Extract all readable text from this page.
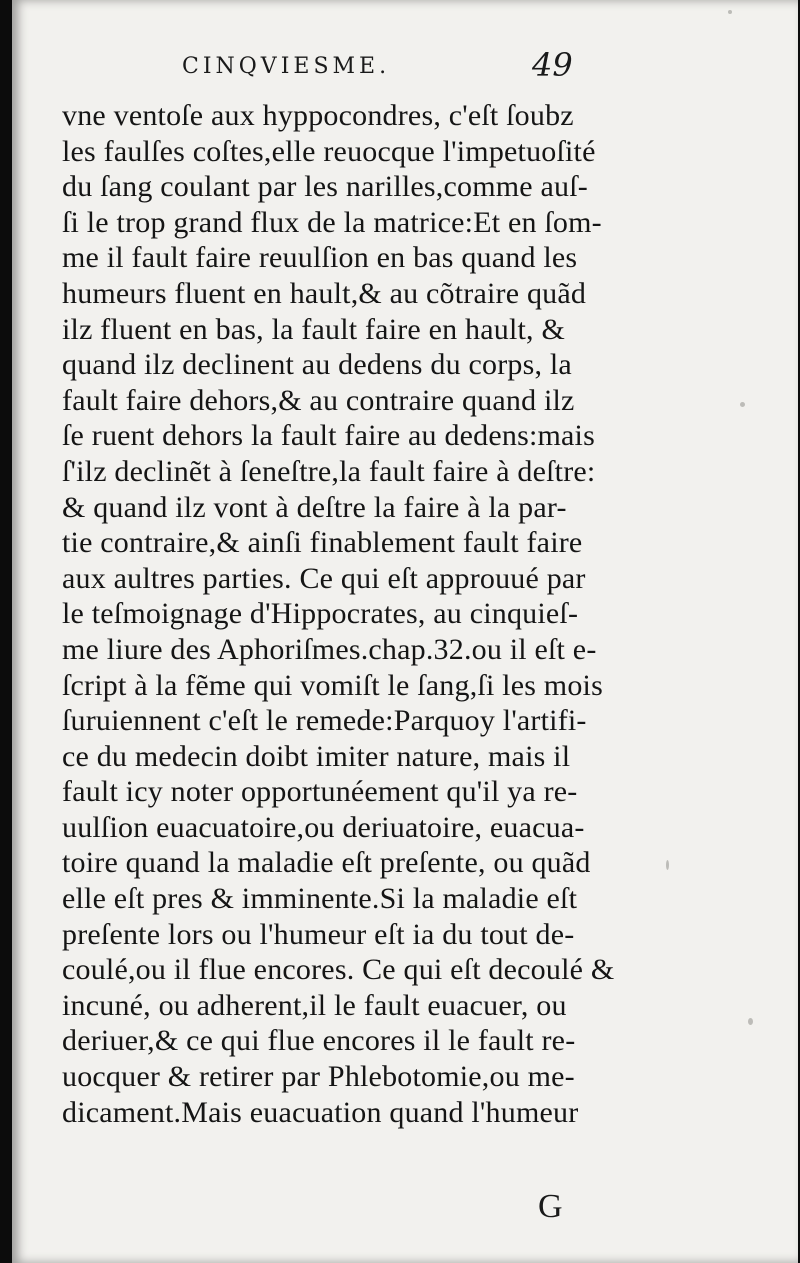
CINQVIESME.	49
vne ventoſe aux hyppocondres, c'eſt ſoubz
les faulſes coſtes,elle reuocque l'impetuoſité
du ſang coulant par les narilles,comme auſ-
ſi le trop grand flux de la matrice:Et en ſom-
me il fault faire reuulſion en bas quand les
humeurs fluent en hault,& au cõtraire quãd
ilz fluent en bas, la fault faire en hault, &
quand ilz declinent au dedens du corps, la
fault faire dehors,& au contraire quand ilz
ſe ruent dehors la fault faire au dedens:mais
ſ'ilz declinẽt à ſeneſtre,la fault faire à deſtre:
& quand ilz vont à deſtre la faire à la par-
tie contraire,& ainſi finablement fault faire
aux aultres parties. Ce qui eſt approuué par
le teſmoignage d'Hippocrates, au cinquieſ-
me liure des Aphoriſmes.chap.32.ou il eſt e-
ſcript à la fẽme qui vomiſt le ſang,ſi les mois
ſuruiennent c'eſt le remede:Parquoy l'artifi-
ce du medecin doibt imiter nature, mais il
fault icy noter opportunéement qu'il ya re-
uulſion euacuatoire,ou deriuatoire, euacua-
toire quand la maladie eſt preſente, ou quãd
elle eſt pres & imminente.Si la maladie eſt
preſente lors ou l'humeur eſt ia du tout de-
coulé,ou il flue encores. Ce qui eſt decoulé &
incuné, ou adherent,il le fault euacuer, ou
deriuer,& ce qui flue encores il le fault re-
uocquer & retirer par Phlebotomie,ou me-
dicament.Mais euacuation quand l'humeur
G
